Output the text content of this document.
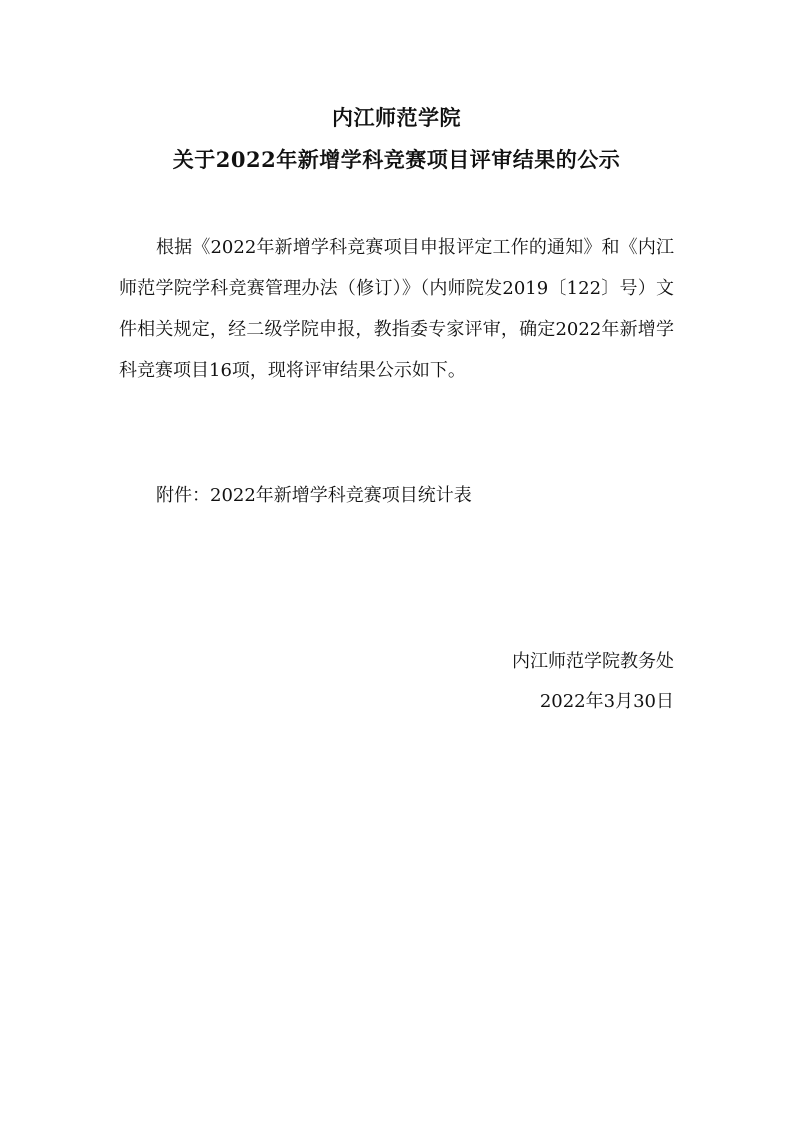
内江师范学院
关于2022年新增学科竞赛项目评审结果的公示

根据《2022年新增学科竞赛项目申报评定工作的通知》和《内江师范学院学科竞赛管理办法（修订）》（内师院发2019〔122〕号）文件相关规定，经二级学院申报，教指委专家评审，确定2022年新增学科竞赛项目16项，现将评审结果公示如下。

附件：2022年新增学科竞赛项目统计表
内江师范学院教务处
2022年3月30日
